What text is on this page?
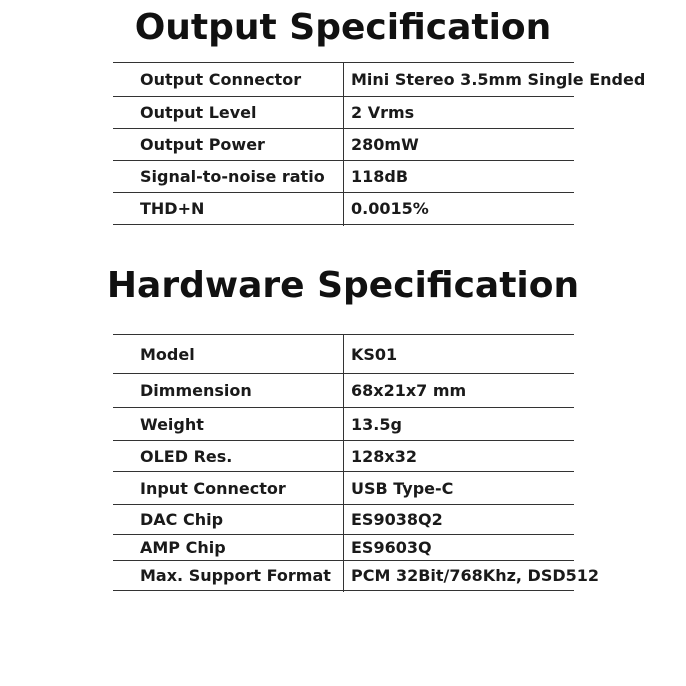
Output Specification
Output Connector	Mini Stereo 3.5mm Single Ended
Output Level	2 Vrms
Output Power	280mW
Signal-to-noise ratio	118dB
THD+N	0.0015%
Hardware Specification
Model	KS01
Dimmension	68x21x7 mm
Weight	13.5g
OLED Res.	128x32
Input Connector	USB Type-C
DAC Chip	ES9038Q2
AMP Chip	ES9603Q
Max. Support Format	PCM 32Bit/768Khz, DSD512
